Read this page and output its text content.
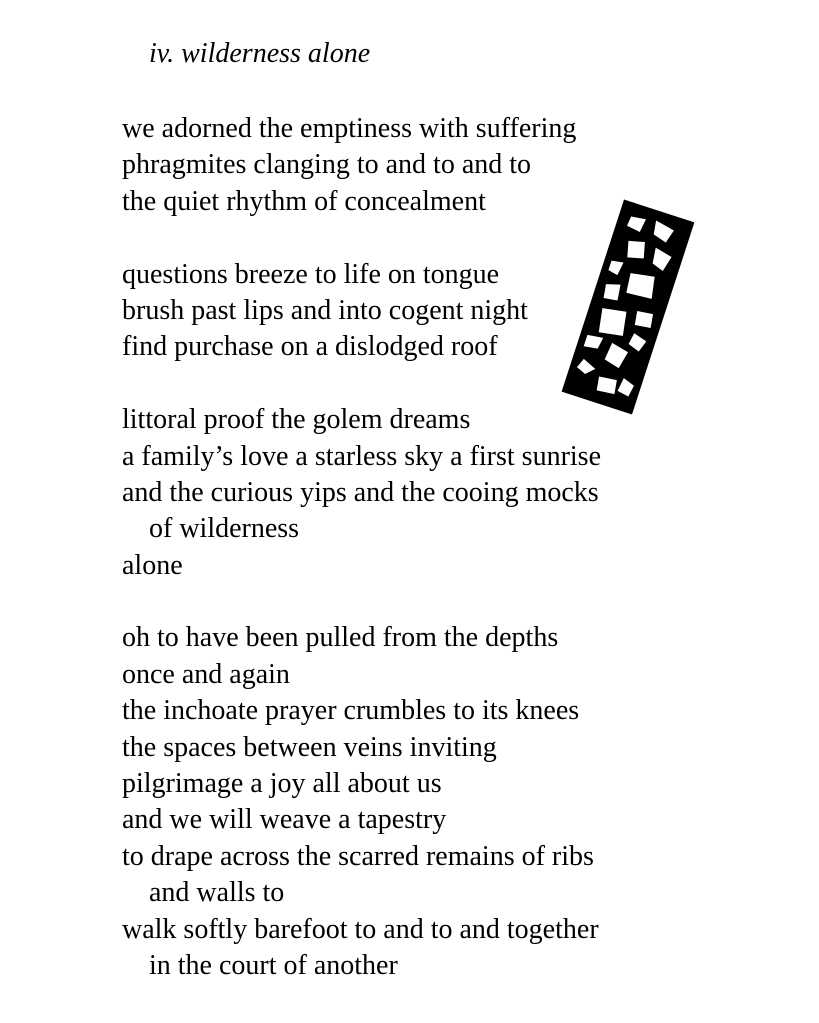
iv. wilderness alone
we adorned the emptiness with suffering
phragmites clanging to and to and to
the quiet rhythm of concealment
questions breeze to life on tongue
brush past lips and into cogent night
find purchase on a dislodged roof
littoral proof the golem dreams
a family’s love a starless sky a first sunrise
and the curious yips and the cooing mocks
of wilderness
alone
oh to have been pulled from the depths
once and again
the inchoate prayer crumbles to its knees
the spaces between veins inviting
pilgrimage a joy all about us
and we will weave a tapestry
to drape across the scarred remains of ribs
and walls to
walk softly barefoot to and to and together
in the court of another
